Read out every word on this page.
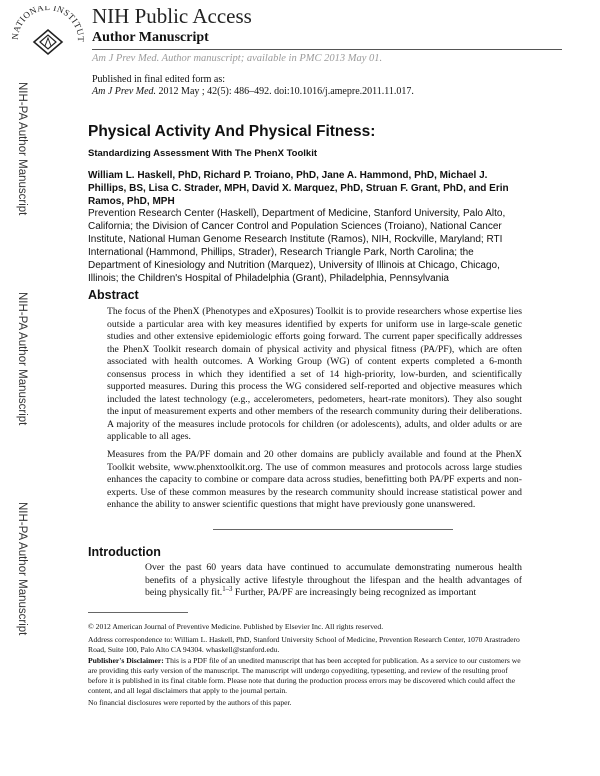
NATIONAL INSTITUT
NIH Public Access
Author Manuscript
Am J Prev Med. Author manuscript; available in PMC 2013 May 01.
Published in final edited form as:
Am J Prev Med. 2012 May ; 42(5): 486–492. doi:10.1016/j.amepre.2011.11.017.
NIH-PA Author Manuscript
NIH-PA Author Manuscript
NIH-PA Author Manuscript
Physical Activity And Physical Fitness:
Standardizing Assessment With The PhenX Toolkit
William L. Haskell, PhD, Richard P. Troiano, PhD, Jane A. Hammond, PhD, Michael J. Phillips, BS, Lisa C. Strader, MPH, David X. Marquez, PhD, Struan F. Grant, PhD, and Erin Ramos, PhD, MPH
Prevention Research Center (Haskell), Department of Medicine, Stanford University, Palo Alto, California; the Division of Cancer Control and Population Sciences (Troiano), National Cancer Institute, National Human Genome Research Institute (Ramos), NIH, Rockville, Maryland; RTI International (Hammond, Phillips, Strader), Research Triangle Park, North Carolina; the Department of Kinesiology and Nutrition (Marquez), University of Illinois at Chicago, Chicago, Illinois; the Children's Hospital of Philadelphia (Grant), Philadelphia, Pennsylvania
Abstract
The focus of the PhenX (Phenotypes and eXposures) Toolkit is to provide researchers whose expertise lies outside a particular area with key measures identified by experts for uniform use in large-scale genetic studies and other extensive epidemiologic efforts going forward. The current paper specifically addresses the PhenX Toolkit research domain of physical activity and physical fitness (PA/PF), which are often associated with health outcomes. A Working Group (WG) of content experts completed a 6-month consensus process in which they identified a set of 14 high-priority, low-burden, and scientifically supported measures. During this process the WG considered self-reported and objective measures which included the latest technology (e.g., accelerometers, pedometers, heart-rate monitors). They also sought the input of measurement experts and other members of the research community during their deliberations. A majority of the measures include protocols for children (or adolescents), adults, and older adults or are applicable to all ages.
Measures from the PA/PF domain and 20 other domains are publicly available and found at the PhenX Toolkit website, www.phenxtoolkit.org. The use of common measures and protocols across large studies enhances the capacity to combine or compare data across studies, benefitting both PA/PF experts and non-experts. Use of these common measures by the research community should increase statistical power and enhance the ability to answer scientific questions that might have previously gone unanswered.
Introduction
Over the past 60 years data have continued to accumulate demonstrating numerous health benefits of a physically active lifestyle throughout the lifespan and the health advantages of being physically fit.$^{1-3}$ Further, PA/PF are increasingly being recognized as important
© 2012 American Journal of Preventive Medicine. Published by Elsevier Inc. All rights reserved.
Address correspondence to: William L. Haskell, PhD, Stanford University School of Medicine, Prevention Research Center, 1070 Arastradero Road, Suite 100, Palo Alto CA 94304. whaskell@stanford.edu.
Publisher's Disclaimer: This is a PDF file of an unedited manuscript that has been accepted for publication. As a service to our customers we are providing this early version of the manuscript. The manuscript will undergo copyediting, typesetting, and review of the resulting proof before it is published in its final citable form. Please note that during the production process errors may be discovered which could affect the content, and all legal disclaimers that apply to the journal pertain.
No financial disclosures were reported by the authors of this paper.
